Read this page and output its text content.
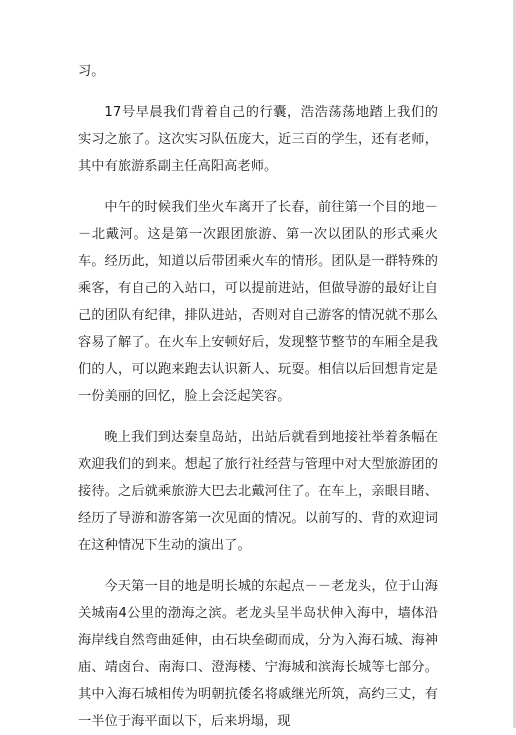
习。

17号早晨我们背着自己的行囊，浩浩荡荡地踏上我们的实习之旅了。这次实习队伍庞大，近三百的学生，还有老师，其中有旅游系副主任高阳高老师。

中午的时候我们坐火车离开了长春，前往第一个目的地－－北戴河。这是第一次跟团旅游、第一次以团队的形式乘火车。经历此，知道以后带团乘火车的情形。团队是一群特殊的乘客，有自己的入站口，可以提前进站，但做导游的最好让自己的团队有纪律，排队进站，否则对自己游客的情况就不那么容易了解了。在火车上安顿好后，发现整节整节的车厢全是我们的人，可以跑来跑去认识新人、玩耍。相信以后回想肯定是一份美丽的回忆，脸上会泛起笑容。

晚上我们到达秦皇岛站，出站后就看到地接社举着条幅在欢迎我们的到来。想起了旅行社经营与管理中对大型旅游团的接待。之后就乘旅游大巴去北戴河住了。在车上，亲眼目睹、经历了导游和游客第一次见面的情况。以前写的、背的欢迎词在这种情况下生动的演出了。

今天第一目的地是明长城的东起点－－老龙头，位于山海关城南4公里的渤海之滨。老龙头呈半岛状伸入海中，墙体沿海岸线自然弯曲延伸，由石块垒砌而成，分为入海石城、海神庙、靖卤台、南海口、澄海楼、宁海城和滨海长城等七部分。其中入海石城相传为明朝抗倭名将戚继光所筑，高约三丈，有一半位于海平面以下，后来坍塌，现
